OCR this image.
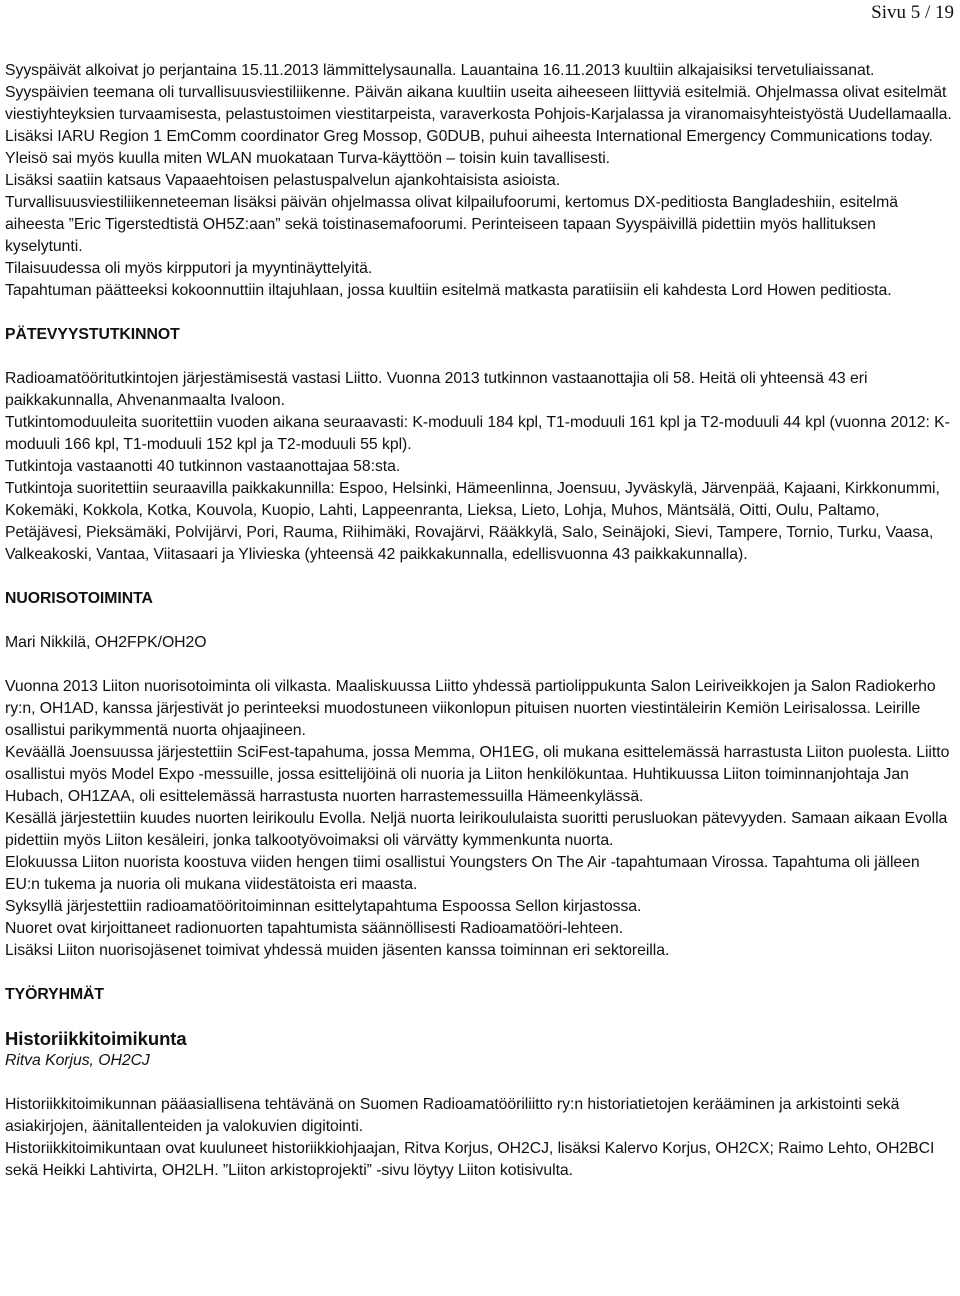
Sivu 5 / 19

Syyspäivät alkoivat jo perjantaina 15.11.2013 lämmittelysaunalla. Lauantaina 16.11.2013 kuultiin alkajaisiksi tervetuliaissanat. Syyspäivien teemana oli turvallisuusviestiliikenne. Päivän aikana kuultiin useita aiheeseen liittyviä esitelmiä. Ohjelmassa olivat esitelmät viestiyhteyksien turvaamisesta, pelastustoimen viestitarpeista, varaverkosta Pohjois-Karjalassa ja viranomaisyhteistyöstä Uudellamaalla.

Lisäksi IARU Region 1 EmComm coordinator Greg Mossop, G0DUB, puhui aiheesta International Emergency Communications today. Yleisö sai myös kuulla miten WLAN muokataan Turva-käyttöön – toisin kuin tavallisesti.

Lisäksi saatiin katsaus Vapaaehtoisen pelastuspalvelun ajankohtaisista asioista.

Turvallisuusviestiliikenneteeman lisäksi päivän ohjelmassa olivat kilpailufoorumi, kertomus DX-peditiosta Bangladeshiin, esitelmä aiheesta ”Eric Tigerstedtistä OH5Z:aan” sekä toistinasemafoorumi. Perinteiseen tapaan Syyspäivillä pidettiin myös hallituksen kyselytunti.

Tilaisuudessa oli myös kirpputori ja myyntinäyttelyitä.

Tapahtuman päätteeksi kokoonnuttiin iltajuhlaan, jossa kuultiin esitelmä matkasta paratiisiin eli kahdesta Lord Howen peditiosta.

PÄTEVYYSTUTKINNOT

Radioamatööritutkintojen järjestämisestä vastasi Liitto. Vuonna 2013 tutkinnon vastaanottajia oli 58. Heitä oli yhteensä 43 eri paikkakunnalla, Ahvenanmaalta Ivaloon.

Tutkintomoduuleita suoritettiin vuoden aikana seuraavasti: K-moduuli 184 kpl, T1-moduuli 161 kpl ja T2-moduuli 44 kpl (vuonna 2012: K-moduuli 166 kpl, T1-moduuli 152 kpl ja T2-moduuli 55 kpl).

Tutkintoja vastaanotti 40 tutkinnon vastaanottajaa 58:sta.

Tutkintoja suoritettiin seuraavilla paikkakunnilla: Espoo, Helsinki, Hämeenlinna, Joensuu, Jyväskylä, Järvenpää, Kajaani, Kirkkonummi, Kokemäki, Kokkola, Kotka, Kouvola, Kuopio, Lahti, Lappeenranta, Lieksa, Lieto, Lohja, Muhos, Mäntsälä, Oitti, Oulu, Paltamo, Petäjävesi, Pieksämäki, Polvijärvi, Pori, Rauma, Riihimäki, Rovajärvi, Rääkkylä, Salo, Seinäjoki, Sievi, Tampere, Tornio, Turku, Vaasa, Valkeakoski, Vantaa, Viitasaari ja Ylivieska (yhteensä 42 paikkakunnalla, edellisvuonna 43 paikkakunnalla).

NUORISOTOIMINTA

Mari Nikkilä, OH2FPK/OH2O

Vuonna 2013 Liiton nuorisotoiminta oli vilkasta. Maaliskuussa Liitto yhdessä partiolippukunta Salon Leiriveikkojen ja Salon Radiokerho ry:n, OH1AD, kanssa järjestivät jo perinteeksi muodostuneen viikonlopun pituisen nuorten viestintäleirin Kemiön Leirisalossa. Leirille osallistui parikymmentä nuorta ohjaajineen.

Keväällä Joensuussa järjestettiin SciFest-tapahuma, jossa Memma, OH1EG, oli mukana esittelemässä harrastusta Liiton puolesta. Liitto osallistui myös Model Expo -messuille, jossa esittelijöinä oli nuoria ja Liiton henkilökuntaa. Huhtikuussa Liiton toiminnanjohtaja Jan Hubach, OH1ZAA, oli esittelemässä harrastusta nuorten harrastemessuilla Hämeenkylässä.

Kesällä järjestettiin kuudes nuorten leirikoulu Evolla. Neljä nuorta leirikoululaista suoritti perusluokan pätevyyden. Samaan aikaan Evolla pidettiin myös Liiton kesäleiri, jonka talkootyövoimaksi oli värvätty kymmenkunta nuorta.

Elokuussa Liiton nuorista koostuva viiden hengen tiimi osallistui Youngsters On The Air -tapahtumaan Virossa. Tapahtuma oli jälleen EU:n tukema ja nuoria oli mukana viidestätoista eri maasta.

Syksyllä järjestettiin radioamatööritoiminnan esittelytapahtuma Espoossa Sellon kirjastossa.

Nuoret ovat kirjoittaneet radionuorten tapahtumista säännöllisesti Radioamatööri-lehteen.

Lisäksi Liiton nuorisojäsenet toimivat yhdessä muiden jäsenten kanssa toiminnan eri sektoreilla.

TYÖRYHMÄT
Historiikkitoimikunta

Ritva Korjus, OH2CJ

Historiikkitoimikunnan pääasiallisena tehtävänä on Suomen Radioamatööriliitto ry:n historiatietojen kerääminen ja arkistointi sekä asiakirjojen, äänitallenteiden ja valokuvien digitointi.

Historiikkitoimikuntaan ovat kuuluneet historiikkiohjaajan, Ritva Korjus, OH2CJ, lisäksi Kalervo Korjus, OH2CX; Raimo Lehto, OH2BCI sekä Heikki Lahtivirta, OH2LH. ”Liiton arkistoprojekti” -sivu löytyy Liiton kotisivulta.
